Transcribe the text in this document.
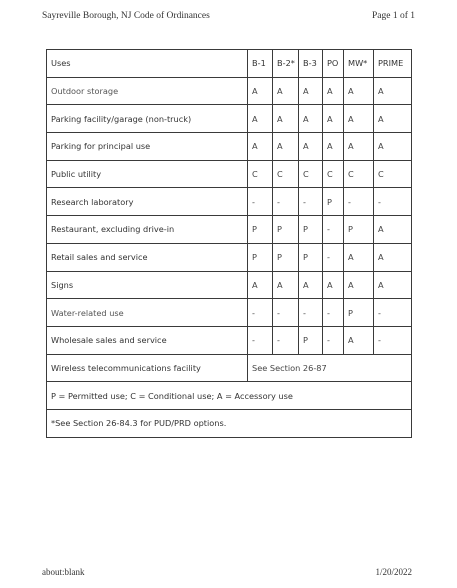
Sayreville Borough, NJ Code of Ordinances	Page 1 of 1
Uses	B-1	B-2*	B-3	PO	MW*	PRIME
Outdoor storage	A	A	A	A	A	A
Parking facility/garage (non-truck)	A	A	A	A	A	A
Parking for principal use	A	A	A	A	A	A
Public utility	C	C	C	C	C	C
Research laboratory	-	-	-	P	-	-
Restaurant, excluding drive-in	P	P	P	-	P	A
Retail sales and service	P	P	P	-	A	A
Signs	A	A	A	A	A	A
Water-related use	-	-	-	-	P	-
Wholesale sales and service	-	-	P	-	A	-
Wireless telecommunications facility	See Section 26-87					
P = Permitted use; C = Conditional use; A = Accessory use						
*See Section 26-84.3 for PUD/PRD options.						
about:blank	1/20/2022
